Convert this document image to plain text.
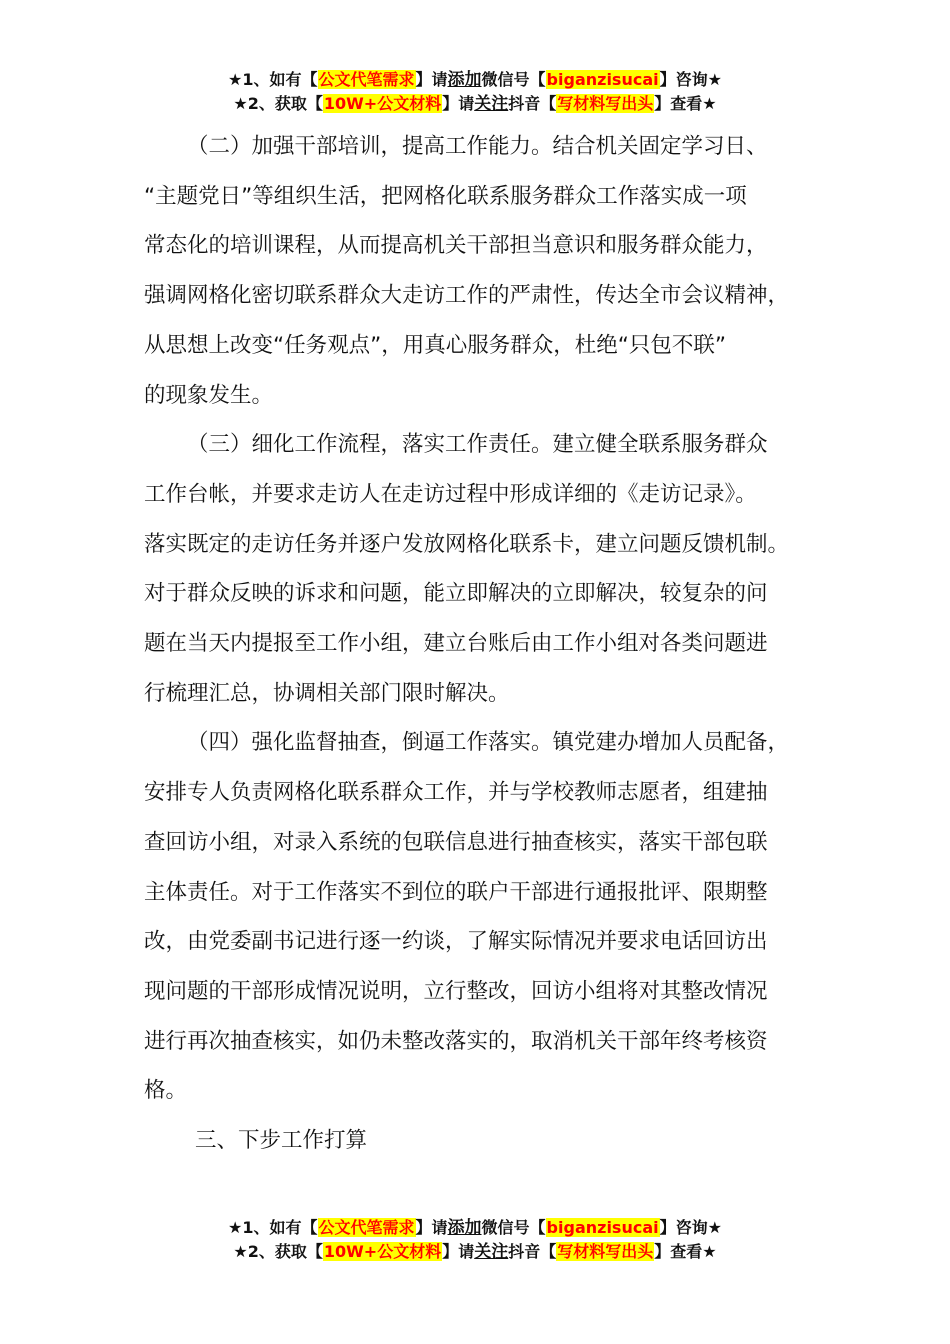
★1、如有【公文代笔需求】请添加微信号【biganzisucai】咨询★
★2、获取【10W+公文材料】请关注抖音【写材料写出头】查看★
（二）加强干部培训，提高工作能力。结合机关固定学习日、
“主题党日”等组织生活，把网格化联系服务群众工作落实成一项
常态化的培训课程，从而提高机关干部担当意识和服务群众能力，
强调网格化密切联系群众大走访工作的严肃性，传达全市会议精神，
从思想上改变“任务观点”，用真心服务群众，杜绝“只包不联”
的现象发生。
（三）细化工作流程，落实工作责任。建立健全联系服务群众
工作台帐，并要求走访人在走访过程中形成详细的《走访记录》。
落实既定的走访任务并逐户发放网格化联系卡，建立问题反馈机制。
对于群众反映的诉求和问题，能立即解决的立即解决，较复杂的问
题在当天内提报至工作小组，建立台账后由工作小组对各类问题进
行梳理汇总，协调相关部门限时解决。
（四）强化监督抽查，倒逼工作落实。镇党建办增加人员配备，
安排专人负责网格化联系群众工作，并与学校教师志愿者，组建抽
查回访小组，对录入系统的包联信息进行抽查核实，落实干部包联
主体责任。对于工作落实不到位的联户干部进行通报批评、限期整
改，由党委副书记进行逐一约谈，了解实际情况并要求电话回访出
现问题的干部形成情况说明，立行整改，回访小组将对其整改情况
进行再次抽查核实，如仍未整改落实的，取消机关干部年终考核资
格。
三、下步工作打算
★1、如有【公文代笔需求】请添加微信号【biganzisucai】咨询★
★2、获取【10W+公文材料】请关注抖音【写材料写出头】查看★
